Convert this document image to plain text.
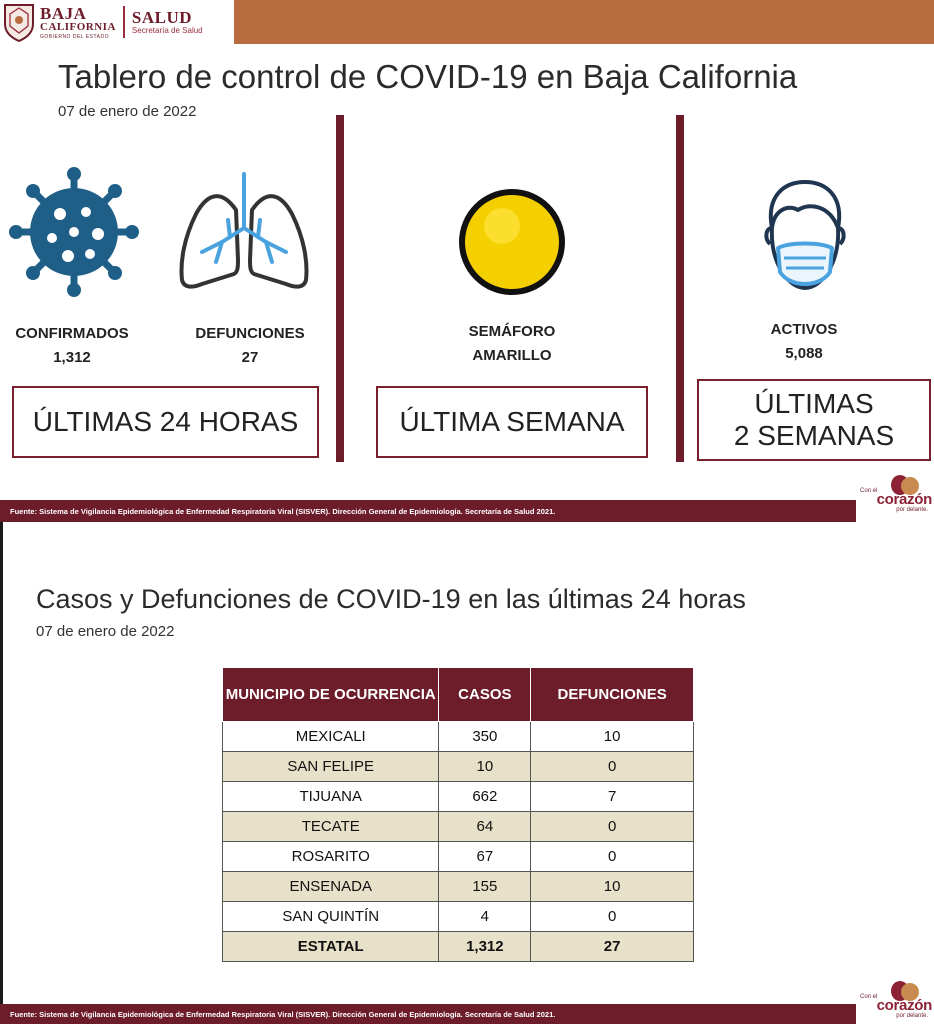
BAJA
CALIFORNIA
GOBIERNO DEL ESTADO
SALUD
Secretaría de Salud
Tablero de control de COVID-19 en Baja California
07 de enero de 2022
CONFIRMADOS
1,312
DEFUNCIONES
27
SEMÁFORO
AMARILLO
ACTIVOS
5,088
ÚLTIMAS 24 HORAS	ÚLTIMA SEMANA
ÚLTIMAS
2 SEMANAS
Fuente: Sistema de Vigilancia Epidemiológica de Enfermedad Respiratoria Viral (SISVER). Dirección General de Epidemiología. Secretaría de Salud 2021.
Con el corazón
por delante.
Casos y Defunciones de COVID-19 en las últimas 24 horas
07 de enero de 2022
MUNICIPIO DE OCURRENCIA	CASOS	DEFUNCIONES
MEXICALI	350	10
SAN FELIPE	10	0
TIJUANA	662	7
TECATE	64	0
ROSARITO	67	0
ENSENADA	155	10
SAN QUINTÍN	4	0
ESTATAL	1,312	27
Fuente: Sistema de Vigilancia Epidemiológica de Enfermedad Respiratoria Viral (SISVER). Dirección General de Epidemiología. Secretaría de Salud 2021.
Con el corazón
por delante.
